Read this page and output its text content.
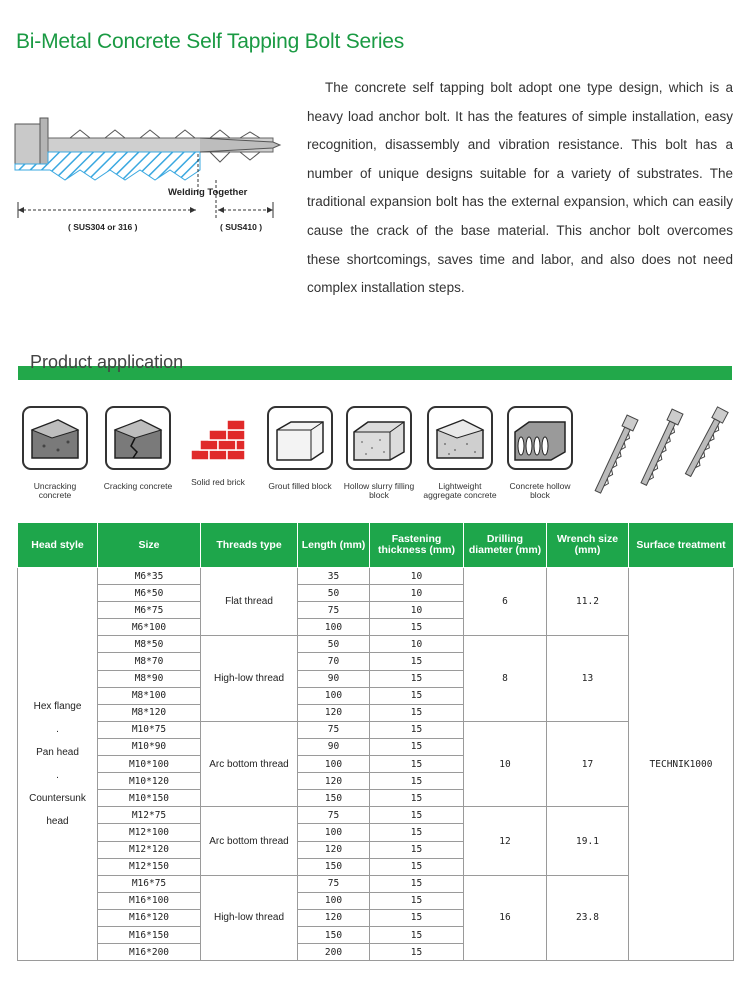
Bi-Metal Concrete Self Tapping Bolt Series
Welding Together
( SUS304 or 316 )	( SUS410 )
The concrete self tapping bolt adopt one type design, which is a heavy load anchor bolt. It has the features of simple installation, easy recognition, disassembly and vibration resistance. This bolt has a number of unique designs suitable for a variety of substrates. The traditional expansion bolt has the external expansion, which can easily cause the crack of the base material. This anchor bolt overcomes these shortcomings, saves time and labor, and also does not need complex installation steps.
Product application
Uncracking concrete
Cracking concrete	Solid red brick	Grout filled block	Hollow slurry filling block
Lightweight aggregate concrete
Concrete hollow block
Head style	Size	Threads type	Length (mm)	Fastening thickness (mm)	Drilling diameter (mm)	Wrench size (mm)	Surface treatment

Hex flange
.
Pan head
.
Countersunk head	M6*35	Flat thread	35	10	6	11.2	TECHNIK1000
	M6*50		50	10			
	M6*75		75	10			
	M6*100		100	15			
	M8*50	High-low thread	50	10	8	13	
	M8*70		70	15			
	M8*90		90	15			
	M8*100		100	15			
	M8*120		120	15			
	M10*75	Arc bottom thread	75	15	10	17	
	M10*90		90	15			
	M10*100		100	15			
	M10*120		120	15			
	M10*150		150	15			
	M12*75	Arc bottom thread	75	15	12	19.1	
	M12*100		100	15			
	M12*120		120	15			
	M12*150		150	15			
	M16*75	High-low thread	75	15	16	23.8	
	M16*100		100	15			
	M16*120		120	15			
	M16*150		150	15			
	M16*200		200	15			
